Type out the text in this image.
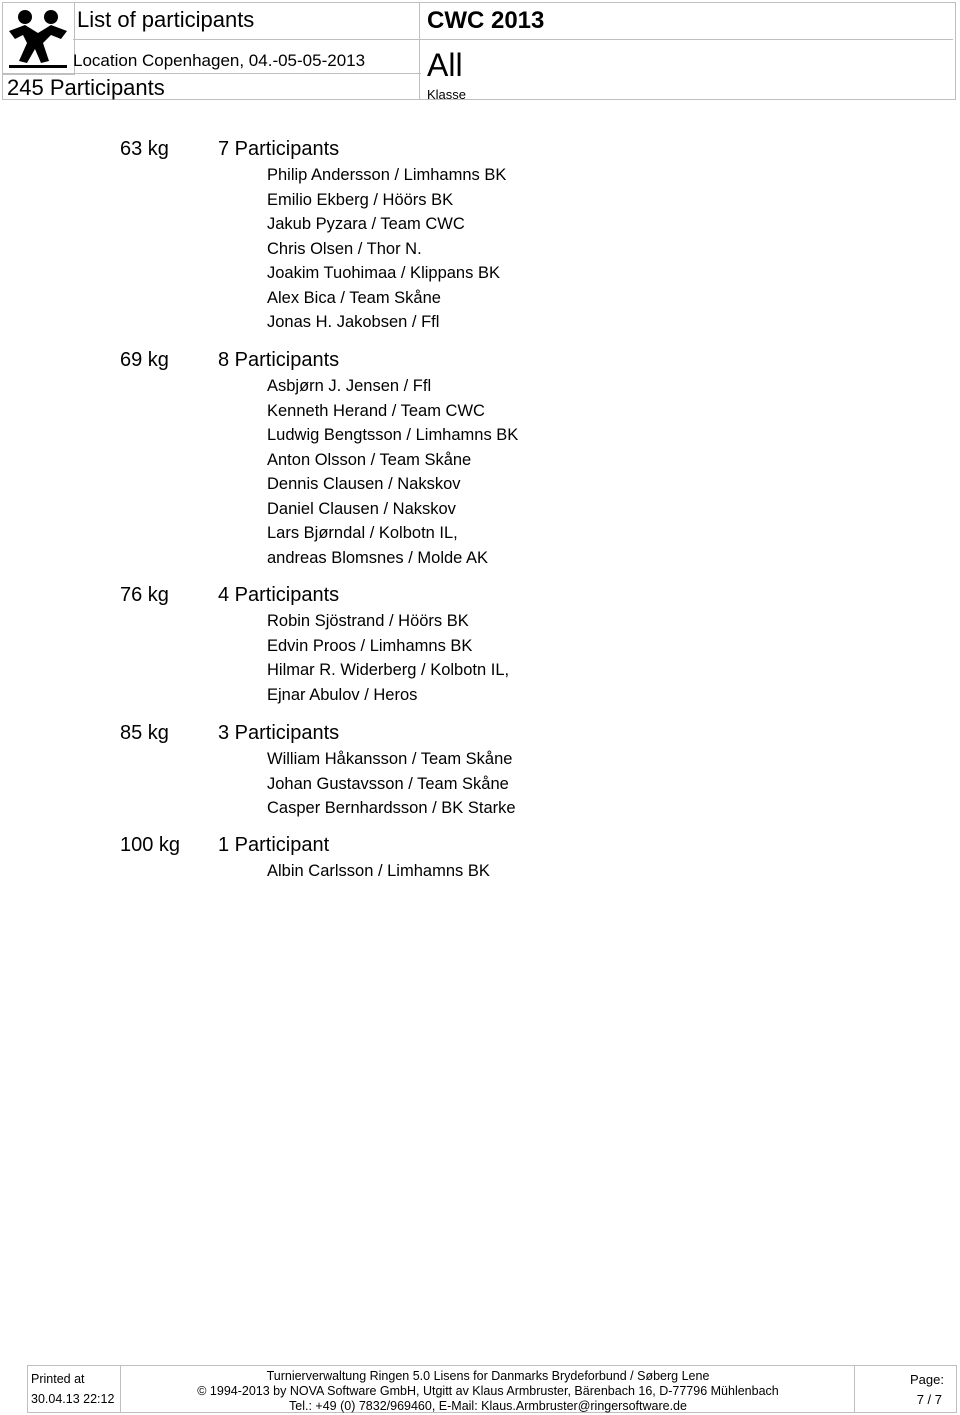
List of participants
Location Copenhagen, 04.-05-05-2013
245 Participants
CWC 2013
All
Klasse
63 kg 7 Participants
Philip Andersson / Limhamns BK
Emilio Ekberg / Höörs BK
Jakub Pyzara / Team CWC
Chris Olsen / Thor N.
Joakim Tuohimaa / Klippans BK
Alex Bica / Team Skåne
Jonas H. Jakobsen / Ffl
69 kg 8 Participants
Asbjørn J. Jensen / Ffl
Kenneth Herand / Team CWC
Ludwig Bengtsson / Limhamns BK
Anton Olsson / Team Skåne
Dennis Clausen / Nakskov
Daniel Clausen / Nakskov
Lars Bjørndal / Kolbotn IL,
andreas Blomsnes / Molde AK
76 kg 4 Participants
Robin Sjöstrand / Höörs BK
Edvin Proos / Limhamns BK
Hilmar R. Widerberg / Kolbotn IL,
Ejnar Abulov / Heros
85 kg 3 Participants
William Håkansson / Team Skåne
Johan Gustavsson / Team Skåne
Casper Bernhardsson / BK Starke
100 kg 1 Participant
Albin Carlsson / Limhamns BK
Printed at
30.04.13 22:12
Turnierverwaltung Ringen 5.0 Lisens for Danmarks Brydeforbund / Søberg Lene
© 1994-2013 by NOVA Software GmbH, Utgitt av Klaus Armbruster, Bärenbach 16, D-77796 Mühlenbach
Tel.: +49 (0) 7832/969460, E-Mail: Klaus.Armbruster@ringersoftware.de
Page:
7 / 7
